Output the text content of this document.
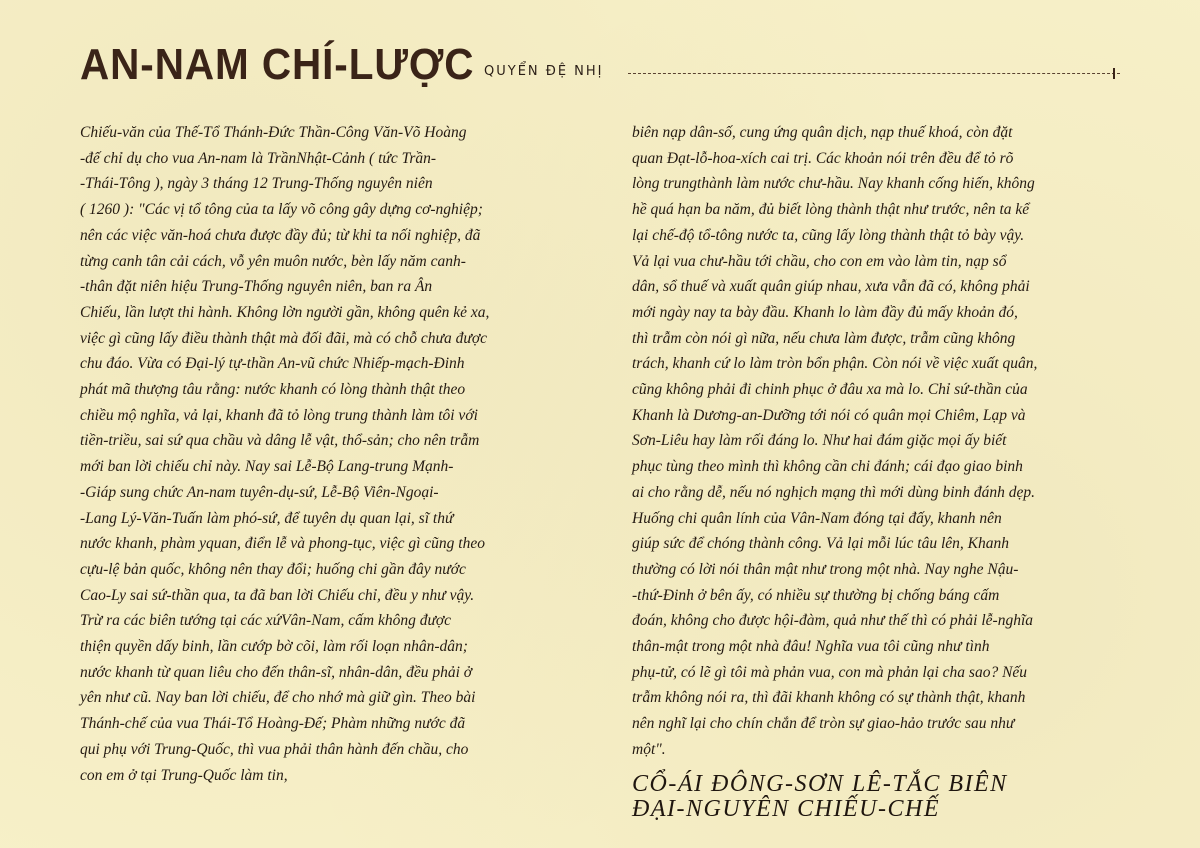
AN-NAM CHÍ-LƯỢC QUYỂN ĐỆ NHỊ
Chiếu-văn của Thế-Tổ Thánh-Đức Thần-Công Văn-Võ Hoàng
-đế chỉ dụ cho vua An-nam là TrầnNhật-Cảnh ( tức Trần-
-Thái-Tông ), ngày 3 tháng 12 Trung-Thống nguyên niên
( 1260 ): "Các vị tổ tông của ta lấy võ công gây dựng cơ-nghiệp;
nên các việc văn-hoá chưa được đầy đủ; từ khi ta nối nghiệp, đã
từng canh tân cải cách, vỗ yên muôn nước, bèn lấy năm canh-
-thân đặt niên hiệu Trung-Thống nguyên niên, ban ra Ân
Chiếu, lần lượt thi hành. Không lờn người gần, không quên kẻ xa,
việc gì cũng lấy điều thành thật mà đối đãi, mà có chỗ chưa được
chu đáo. Vừa có Đại-lý tự-thần An-vũ chức Nhiếp-mạch-Đinh
phát mã thượng tâu rằng: nước khanh có lòng thành thật theo
chiều mộ nghĩa, vả lại, khanh đã tỏ lòng trung thành làm tôi với
tiền-triều, sai sứ qua chầu và dâng lễ vật, thổ-sản; cho nên trẫm
mới ban lời chiếu chỉ này. Nay sai Lễ-Bộ Lang-trung Mạnh-
-Giáp sung chức An-nam tuyên-dụ-sứ, Lễ-Bộ Viên-Ngoại-
-Lang Lý-Văn-Tuấn làm phó-sứ, để tuyên dụ quan lại, sĩ thứ
nước khanh, phàm yquan, điển lễ và phong-tục, việc gì cũng theo
cựu-lệ bản quốc, không nên thay đổi; huống chi gần đây nước
Cao-Ly sai sứ-thần qua, ta đã ban lời Chiếu chỉ, đều y như vậy.
Trừ ra các biên tướng tại các xứVân-Nam, cấm không được
thiện quyền dấy binh, lần cướp bờ cõi, làm rối loạn nhân-dân;
nước khanh từ quan liêu cho đến thân-sĩ, nhân-dân, đều phải ở
yên như cũ. Nay ban lời chiếu, để cho nhớ mà giữ gìn. Theo bài
Thánh-chế của vua Thái-Tổ Hoàng-Đế; Phàm những nước đã
qui phụ với Trung-Quốc, thì vua phải thân hành đến chầu, cho
con em ở tại Trung-Quốc làm tin,
biên nạp dân-số, cung ứng quân dịch, nạp thuế khoá, còn đặt
quan Đạt-lỗ-hoa-xích cai trị. Các khoản nói trên đều để tỏ rõ
lòng trungthành làm nước chư-hầu. Nay khanh cống hiến, không
hề quá hạn ba năm, đủ biết lòng thành thật như trước, nên ta kể
lại chế-độ tổ-tông nước ta, cũng lấy lòng thành thật tỏ bày vậy.
Vả lại vua chư-hầu tới chầu, cho con em vào làm tin, nạp sổ
dân, sổ thuế và xuất quân giúp nhau, xưa vẫn đã có, không phải
mới ngày nay ta bày đầu. Khanh lo làm đầy đủ mấy khoản đó,
thì trẫm còn nói gì nữa, nếu chưa làm được, trẫm cũng không
trách, khanh cứ lo làm tròn bổn phận. Còn nói về việc xuất quân,
cũng không phải đi chinh phục ở đâu xa mà lo. Chỉ sứ-thần của
Khanh là Dương-an-Dưỡng tới nói có quân mọi Chiêm, Lạp và
Sơn-Liêu hay làm rối đáng lo. Như hai đám giặc mọi ấy biết
phục tùng theo mình thì không cần chi đánh; cái đạo giao binh
ai cho rằng dễ, nếu nó nghịch mạng thì mới dùng binh đánh dẹp.
Huống chi quân lính của Vân-Nam đóng tại đấy, khanh nên
giúp sức để chóng thành công. Vả lại mỗi lúc tâu lên, Khanh
thường có lời nói thân mật như trong một nhà. Nay nghe Nậu-
-thứ-Đinh ở bên ấy, có nhiều sự thường bị chống báng cấm
đoán, không cho được hội-đàm, quả như thế thì có phải lễ-nghĩa
thân-mật trong một nhà đâu! Nghĩa vua tôi cũng như tình
phụ-tử, có lẽ gì tôi mà phản vua, con mà phản lại cha sao? Nếu
trẫm không nói ra, thì đãi khanh không có sự thành thật, khanh
nên nghĩ lại cho chín chắn để tròn sự giao-hảo trước sau như
một".
CỔ-ÁI ĐÔNG-SƠN LÊ-TẮC BIÊN
ĐẠI-NGUYÊN CHIẾU-CHẾ
